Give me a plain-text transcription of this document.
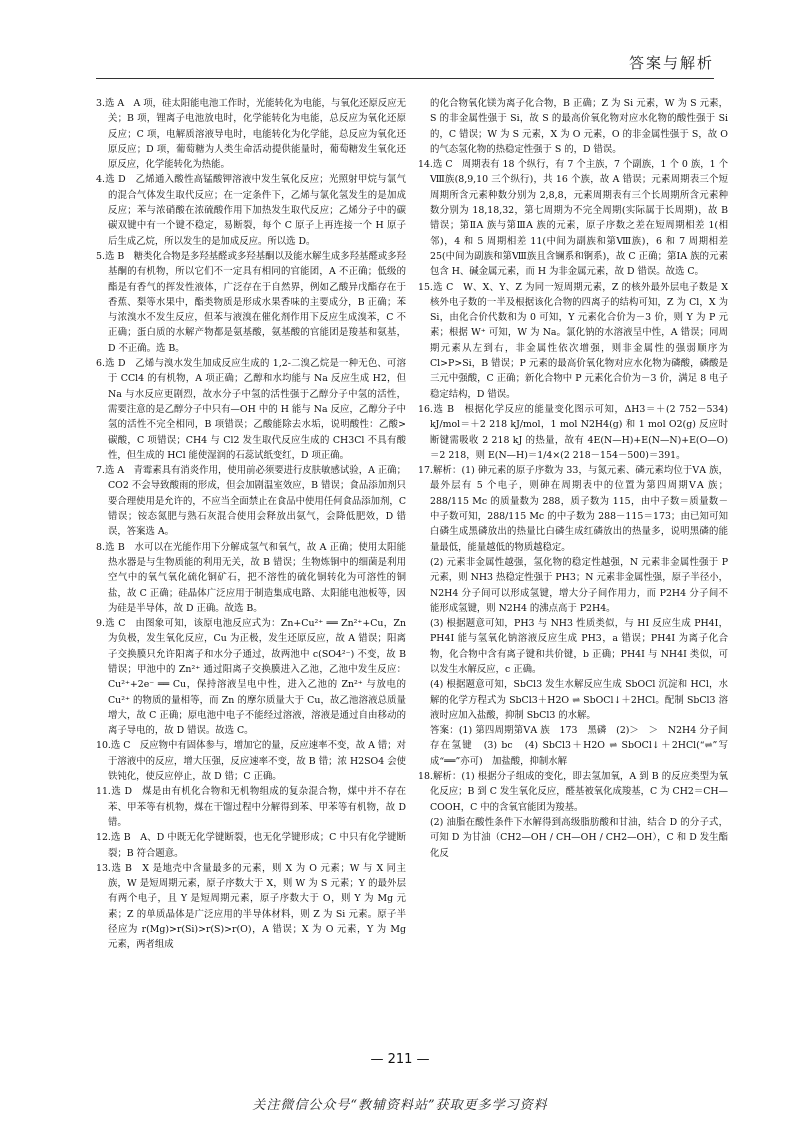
答案与解析

3.选 A　A 项，硅太阳能电池工作时，光能转化为电能，与氧化还原反应无关；B 项，锂离子电池放电时，化学能转化为电能，总反应为氧化还原反应；C 项，电解质溶液导电时，电能转化为化学能，总反应为氧化还原反应；D 项，葡萄糖为人类生命活动提供能量时，葡萄糖发生氧化还原反应，化学能转化为热能。

4.选 D　乙烯通入酸性高锰酸钾溶液中发生氧化反应；光照射甲烷与氯气的混合气体发生取代反应；在一定条件下，乙烯与氯化氢发生的是加成反应；苯与浓硝酸在浓硫酸作用下加热发生取代反应；乙烯分子中的碳碳双键中有一个键不稳定，易断裂，每个 C 原子上再连接一个 H 原子后生成乙烷，所以发生的是加成反应。所以选 D。

5.选 B　糖类化合物是多羟基醛或多羟基酮以及能水解生成多羟基醛或多羟基酮的有机物，所以它们不一定具有相同的官能团，A 不正确；低级的酯是有香气的挥发性液体，广泛存在于自然界，例如乙酸异戊酯存在于香蕉、梨等水果中，酯类物质是形成水果香味的主要成分，B 正确；苯与浓溴水不发生反应，但苯与液溴在催化剂作用下反应生成溴苯，C 不正确；蛋白质的水解产物都是氨基酸，氨基酸的官能团是羧基和氨基，D 不正确。选 B。

6.选 D　乙烯与溴水发生加成反应生成的 1,2-二溴乙烷是一种无色、可溶于 CCl4 的有机物，A 项正确；乙醇和水均能与 Na 反应生成 H2，但 Na 与水反应更剧烈，故水分子中氢的活性强于乙醇分子中氢的活性，需要注意的是乙醇分子中只有—OH 中的 H 能与 Na 反应，乙醇分子中氢的活性不完全相同，B 项错误；乙酸能除去水垢，说明酸性：乙酸>碳酸，C 项错误；CH4 与 Cl2 发生取代反应生成的 CH3Cl 不具有酸性，但生成的 HCl 能使湿润的石蕊试纸变红，D 项正确。

7.选 A　青霉素具有消炎作用，使用前必须要进行皮肤敏感试验，A 正确；CO2 不会导致酸雨的形成，但会加剧温室效应，B 错误；食品添加剂只要合理使用是允许的，不应当全面禁止在食品中使用任何食品添加剂，C 错误；铵态氮肥与熟石灰混合使用会释放出氨气，会降低肥效，D 错误，答案选 A。

8.选 B　水可以在光能作用下分解成氢气和氧气，故 A 正确；使用太阳能热水器是与生物质能的利用无关，故 B 错误；生物炼铜中的细菌是利用空气中的氧气氧化硫化铜矿石，把不溶性的硫化铜转化为可溶性的铜盐，故 C 正确；硅晶体广泛应用于制造集成电路、太阳能电池板等，因为硅是半导体，故 D 正确。故选 B。

9.选 C　由图象可知，该原电池反应式为：Zn+Cu²⁺ ══ Zn²⁺+Cu，Zn 为负极，发生氧化反应，Cu 为正极，发生还原反应，故 A 错误；阳离子交换膜只允许阳离子和水分子通过，故两池中 c(SO4²⁻) 不变，故 B 错误；甲池中的 Zn²⁺ 通过阳离子交换膜进入乙池，乙池中发生反应：Cu²⁺+2e⁻ ══ Cu，保持溶液呈电中性，进入乙池的 Zn²⁺ 与放电的 Cu²⁺ 的物质的量相等，而 Zn 的摩尔质量大于 Cu，故乙池溶液总质量增大，故 C 正确；原电池中电子不能经过溶液，溶液是通过自由移动的离子导电的，故 D 错误。故选 C。

10.选 C　反应物中有固体参与，增加它的量，反应速率不变，故 A 错；对于溶液中的反应，增大压强，反应速率不变，故 B 错；浓 H2SO4 会使铁钝化，使反应停止，故 D 错；C 正确。

11.选 D　煤是由有机化合物和无机物组成的复杂混合物，煤中并不存在苯、甲苯等有机物，煤在干馏过程中分解得到苯、甲苯等有机物，故 D 错。

12.选 B　A、D 中既无化学键断裂，也无化学键形成；C 中只有化学键断裂；B 符合题意。

13.选 B　X 是地壳中含量最多的元素，则 X 为 O 元素；W 与 X 同主族，W 是短周期元素，原子序数大于 X，则 W 为 S 元素；Y 的最外层有两个电子，且 Y 是短周期元素，原子序数大于 O，则 Y 为 Mg 元素；Z 的单质晶体是广泛应用的半导体材料，则 Z 为 Si 元素。原子半径应为 r(Mg)>r(Si)>r(S)>r(O)，A 错误；X 为 O 元素，Y 为 Mg 元素，两者组成

的化合物氧化镁为离子化合物，B 正确；Z 为 Si 元素，W 为 S 元素，S 的非金属性强于 Si，故 S 的最高价氧化物对应水化物的酸性强于 Si 的，C 错误；W 为 S 元素，X 为 O 元素，O 的非金属性强于 S，故 O 的气态氢化物的热稳定性强于 S 的，D 错误。

14.选 C　周期表有 18 个纵行，有 7 个主族，7 个副族，1 个 0 族，1 个Ⅷ族(8,9,10 三个纵行)，共 16 个族，故 A 错误；元素周期表三个短周期所含元素种数分别为 2,8,8，元素周期表有三个长周期所含元素种数分别为 18,18,32，第七周期为不完全周期(实际属于长周期)，故 B 错误；第ⅡA 族与第ⅢA 族的元素，原子序数之差在短周期相差 1(相邻)，4 和 5 周期相差 11(中间为副族和第Ⅷ族)，6 和 7 周期相差 25(中间为副族和第Ⅷ族且含镧系和锕系)，故 C 正确；第ⅠA 族的元素包含 H、碱金属元素，而 H 为非金属元素，故 D 错误。故选 C。

15.选 C　W、X、Y、Z 为同一短周期元素，Z 的核外最外层电子数是 X 核外电子数的一半及根据该化合物的四离子的结构可知，Z 为 Cl，X 为 Si，由化合价代数和为 0 可知，Y 元素化合价为－3 价，则 Y 为 P 元素；根据 W⁺ 可知，W 为 Na。氯化钠的水溶液呈中性，A 错误；同周期元素从左到右，非金属性依次增强，则非金属性的强弱顺序为 Cl>P>Si，B 错误；P 元素的最高价氧化物对应水化物为磷酸，磷酸是三元中强酸，C 正确；新化合物中 P 元素化合价为－3 价，满足 8 电子稳定结构，D 错误。

16.选 B　根据化学反应的能量变化图示可知，ΔH3＝＋(2 752－534) kJ/mol＝＋2 218 kJ/mol，1 mol N2H4(g) 和 1 mol O2(g) 反应时断键需吸收 2 218 kJ 的热量，故有 4E(N—H)+E(N—N)+E(O—O)＝2 218，则 E(N—H)＝1/4×(2 218－154－500)＝391。

17.解析：(1) 砷元素的原子序数为 33，与氮元素、磷元素均位于ⅤA 族，最外层有 5 个电子，则砷在周期表中的位置为第四周期ⅤA 族；288/115 Mc 的质量数为 288，质子数为 115，由中子数＝质量数－中子数可知，288/115 Mc 的中子数为 288－115＝173；由已知可知白磷生成黑磷放出的热量比白磷生成红磷放出的热量多，说明黑磷的能量最低，能量越低的物质越稳定。

(2) 元素非金属性越强，氢化物的稳定性越强，N 元素非金属性强于 P 元素，则 NH3 热稳定性强于 PH3；N 元素非金属性强，原子半径小，N2H4 分子间可以形成氢键，增大分子间作用力，而 P2H4 分子间不能形成氢键，则 N2H4 的沸点高于 P2H4。

(3) 根据题意可知，PH3 与 NH3 性质类似，与 HI 反应生成 PH4I，PH4I 能与氢氧化钠溶液反应生成 PH3，a 错误；PH4I 为离子化合物，化合物中含有离子键和共价键，b 正确；PH4I 与 NH4I 类似，可以发生水解反应，c 正确。

(4) 根据题意可知，SbCl3 发生水解反应生成 SbOCl 沉淀和 HCl，水解的化学方程式为 SbCl3＋H2O ⇌ SbOCl↓＋2HCl。配制 SbCl3 溶液时应加入盐酸，抑制 SbCl3 的水解。

答案：(1) 第四周期第ⅤA 族　173　黑磷　(2)＞　＞　N2H4 分子间存在氢键　(3) bc　(4) SbCl3＋H2O ⇌ SbOCl↓＋2HCl(“⇌”写成“══”亦可)　加盐酸，抑制水解

18.解析：(1) 根据分子组成的变化，即去氢加氧，A 到 B 的反应类型为氧化反应；B 到 C 发生氧化反应，醛基被氧化成羧基，C 为 CH2＝CH—COOH，C 中的含氧官能团为羧基。

(2) 油脂在酸性条件下水解得到高级脂肪酸和甘油，结合 D 的分子式，可知 D 为甘油（CH2—OH / CH—OH / CH2—OH），C 和 D 发生酯化反

— 211 —
关注微信公众号“教辅资料站”获取更多学习资料
